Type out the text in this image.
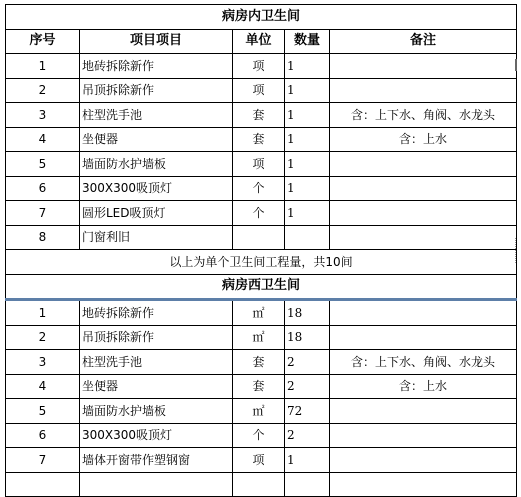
病房内卫生间				
序号	项目项目	单位	数量	备注
1	地砖拆除新作	项	1	
2	吊顶拆除新作	项	1	
3	柱型洗手池	套	1	含：上下水、角阀、水龙头
4	坐便器	套	1	含：上水
5	墙面防水护墙板	项	1	
6	300X300吸顶灯	个	1	
7	圆形LED吸顶灯	个	1	
8	门窗利旧			
以上为单个卫生间工程量，共10间				
病房西卫生间				
1	地砖拆除新作	㎡	18	
2	吊顶拆除新作	㎡	18	
3	柱型洗手池	套	2	含：上下水、角阀、水龙头
4	坐便器	套	2	含：上水
5	墙面防水护墙板	㎡	72	
6	300X300吸顶灯	个	2	
7	墙体开窗带作塑钢窗	项	1	
